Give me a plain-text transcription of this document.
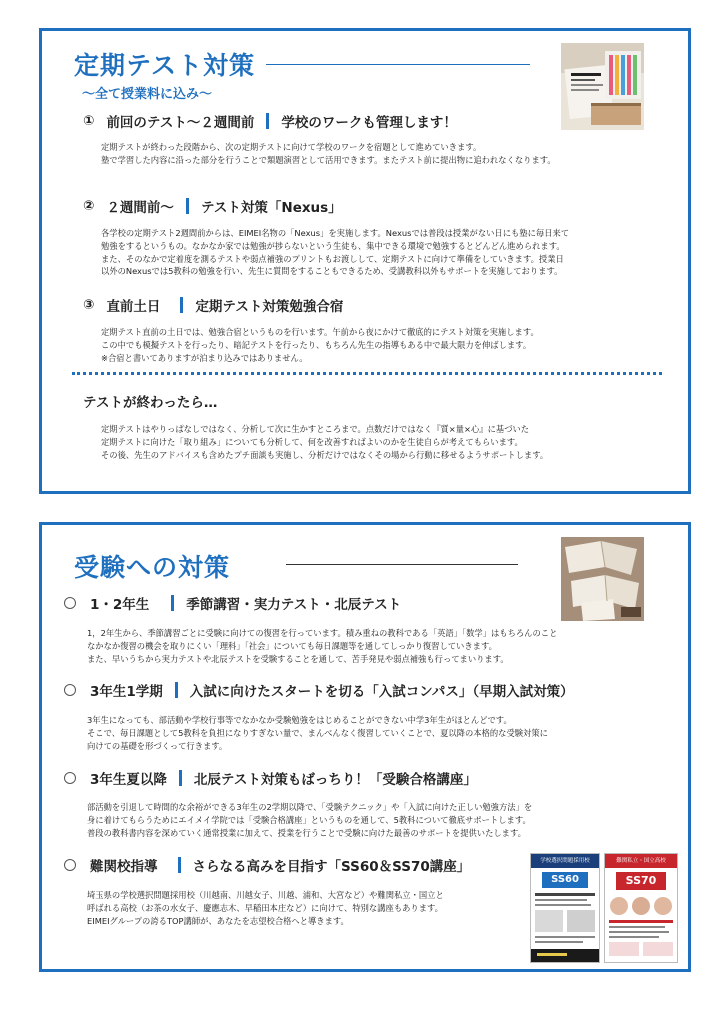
定期テスト対策
〜全て授業料に込み〜
① 前回のテスト〜２週間前 学校のワークも管理します！
定期テストが終わった段階から、次の定期テストに向けて学校のワークを宿題として進めていきます。
塾で学習した内容に沿った部分を行うことで類題演習として活用できます。またテスト前に提出物に追われなくなります。
② ２週間前〜 テスト対策「Nexus」
各学校の定期テスト2週間前からは、EIMEI名物の「Nexus」を実施します。Nexusでは普段は授業がない日にも塾に毎日来て
勉強をするというもの。なかなか家では勉強が捗らないという生徒も、集中できる環境で勉強するとどんどん進められます。
また、そのなかで定着度を測るテストや弱点補強のプリントもお渡しして、定期テストに向けて準備をしていきます。授業日
以外のNexusでは5教科の勉強を行い、先生に質問をすることもできるため、受講教科以外もサポートを実施しております。
③ 直前土日	定期テスト対策勉強合宿
定期テスト直前の土日では、勉強合宿というものを行います。午前から夜にかけて徹底的にテスト対策を実施します。
この中でも模擬テストを行ったり、暗記テストを行ったり、もちろん先生の指導もある中で最大限力を伸ばします。
※合宿と書いてありますが泊まり込みではありません。
テストが終わったら…
定期テストはやりっぱなしではなく、分析して次に生かすところまで。点数だけではなく『質×量×心』に基づいた
定期テストに向けた「取り組み」についても分析して、何を改善すればよいのかを生徒自らが考えてもらいます。
その後、先生のアドバイスも含めたプチ面談も実施し、分析だけではなくその場から行動に移せるようサポートします。
受験への対策
1・2年生	季節講習・実力テスト・北辰テスト
1，2年生から、季節講習ごとに受験に向けての復習を行っています。積み重ねの教科である「英語」「数学」はもちろんのこと
なかなか復習の機会を取りにくい「理科」「社会」についても毎日課題等を通してしっかり復習していきます。
また、早いうちから実力テストや北辰テストを受験することを通して、苦手発見や弱点補強も行ってまいります。
3年生1学期 入試に向けたスタートを切る「入試コンパス」（早期入試対策）
3年生になっても、部活動や学校行事等でなかなか受験勉強をはじめることができない中学3年生がほとんどです。
そこで、毎日課題として5教科を負担になりすぎない量で、まんべんなく復習していくことで、夏以降の本格的な受験対策に
向けての基礎を形づくって行きます。
3年生夏以降 北辰テスト対策もばっちり！「受験合格講座」
部活動を引退して時間的な余裕ができる3年生の2学期以降で、「受験テクニック」や「入試に向けた正しい勉強方法」を
身に着けてもらうためにエイメイ学院では「受験合格講座」というものを通して、5教科について徹底サポートします。
普段の教科書内容を深めていく通常授業に加えて、授業を行うことで受験に向けた最善のサポートを提供いたします。
難関校指導	さらなる高みを目指す「SS60＆SS70講座」
埼玉県の学校選択問題採用校（川越南、川越女子、川越、浦和、大宮など）や難関私立・国立と
呼ばれる高校（お茶の水女子、慶應志木、早稲田本庄など）に向けて、特別な講座もあります。
EIMEIグループの誇るTOP講師が、あなたを志望校合格へと導きます。
学校選択問題採用校
SS60
難関私立・国立高校
SS70
